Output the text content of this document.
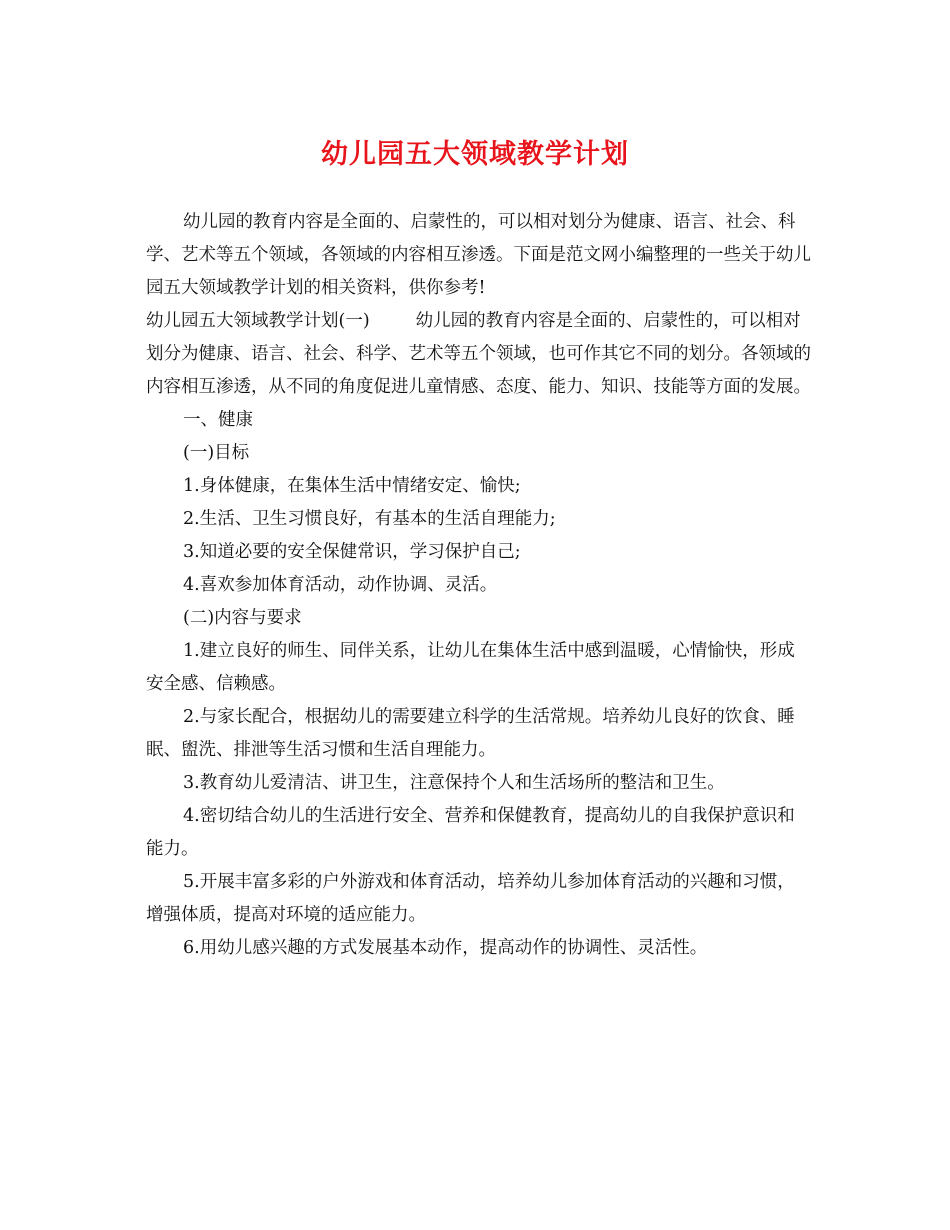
幼儿园五大领域教学计划

幼儿园的教育内容是全面的、启蒙性的，可以相对划分为健康、语言、社会、科学、艺术等五个领域，各领域的内容相互渗透。下面是范文网小编整理的一些关于幼儿园五大领域教学计划的相关资料，供你参考!

幼儿园五大领域教学计划(一)	幼儿园的教育内容是全面的、启蒙性的，可以相对划分为健康、语言、社会、科学、艺术等五个领域，也可作其它不同的划分。各领域的内容相互渗透，从不同的角度促进儿童情感、态度、能力、知识、技能等方面的发展。

一、健康

(一)目标

1.身体健康，在集体生活中情绪安定、愉快;

2.生活、卫生习惯良好，有基本的生活自理能力;

3.知道必要的安全保健常识，学习保护自己;

4.喜欢参加体育活动，动作协调、灵活。

(二)内容与要求

1.建立良好的师生、同伴关系，让幼儿在集体生活中感到温暖，心情愉快，形成安全感、信赖感。

2.与家长配合，根据幼儿的需要建立科学的生活常规。培养幼儿良好的饮食、睡眠、盥洗、排泄等生活习惯和生活自理能力。

3.教育幼儿爱清洁、讲卫生，注意保持个人和生活场所的整洁和卫生。

4.密切结合幼儿的生活进行安全、营养和保健教育，提高幼儿的自我保护意识和能力。

5.开展丰富多彩的户外游戏和体育活动，培养幼儿参加体育活动的兴趣和习惯，增强体质，提高对环境的适应能力。

6.用幼儿感兴趣的方式发展基本动作，提高动作的协调性、灵活性。
